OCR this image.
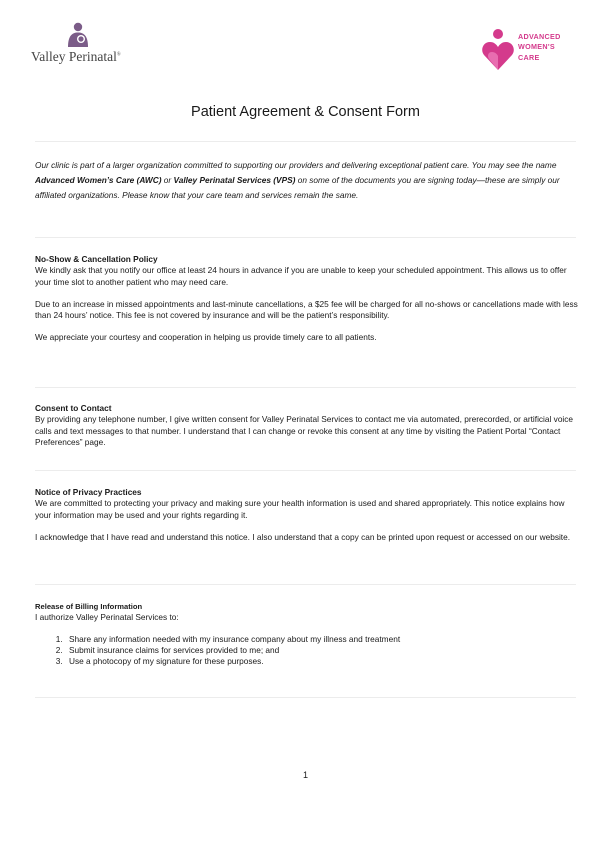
Valley Perinatal®
ADVANCED
WOMEN'S
CARE
Patient Agreement & Consent Form
Our clinic is part of a larger organization committed to supporting our providers and delivering exceptional patient care. You may see the name Advanced Women’s Care (AWC) or Valley Perinatal Services (VPS) on some of the documents you are signing today—these are simply our affiliated organizations. Please know that your care team and services remain the same.
No-Show & Cancellation Policy

We kindly ask that you notify our office at least 24 hours in advance if you are unable to keep your scheduled appointment. This allows us to offer your time slot to another patient who may need care.

Due to an increase in missed appointments and last-minute cancellations, a $25 fee will be charged for all no-shows or cancellations made with less than 24 hours’ notice. This fee is not covered by insurance and will be the patient’s responsibility.

We appreciate your courtesy and cooperation in helping us provide timely care to all patients.

Consent to Contact

By providing any telephone number, I give written consent for Valley Perinatal Services to contact me via automated, prerecorded, or artificial voice calls and text messages to that number. I understand that I can change or revoke this consent at any time by visiting the Patient Portal “Contact Preferences” page.

Notice of Privacy Practices

We are committed to protecting your privacy and making sure your health information is used and shared appropriately. This notice explains how your information may be used and your rights regarding it.

I acknowledge that I have read and understand this notice. I also understand that a copy can be printed upon request or accessed on our website.

Release of Billing Information

I authorize Valley Perinatal Services to:

1. Share any information needed with my insurance company about my illness and treatment
2. Submit insurance claims for services provided to me; and
3. Use a photocopy of my signature for these purposes.
1
